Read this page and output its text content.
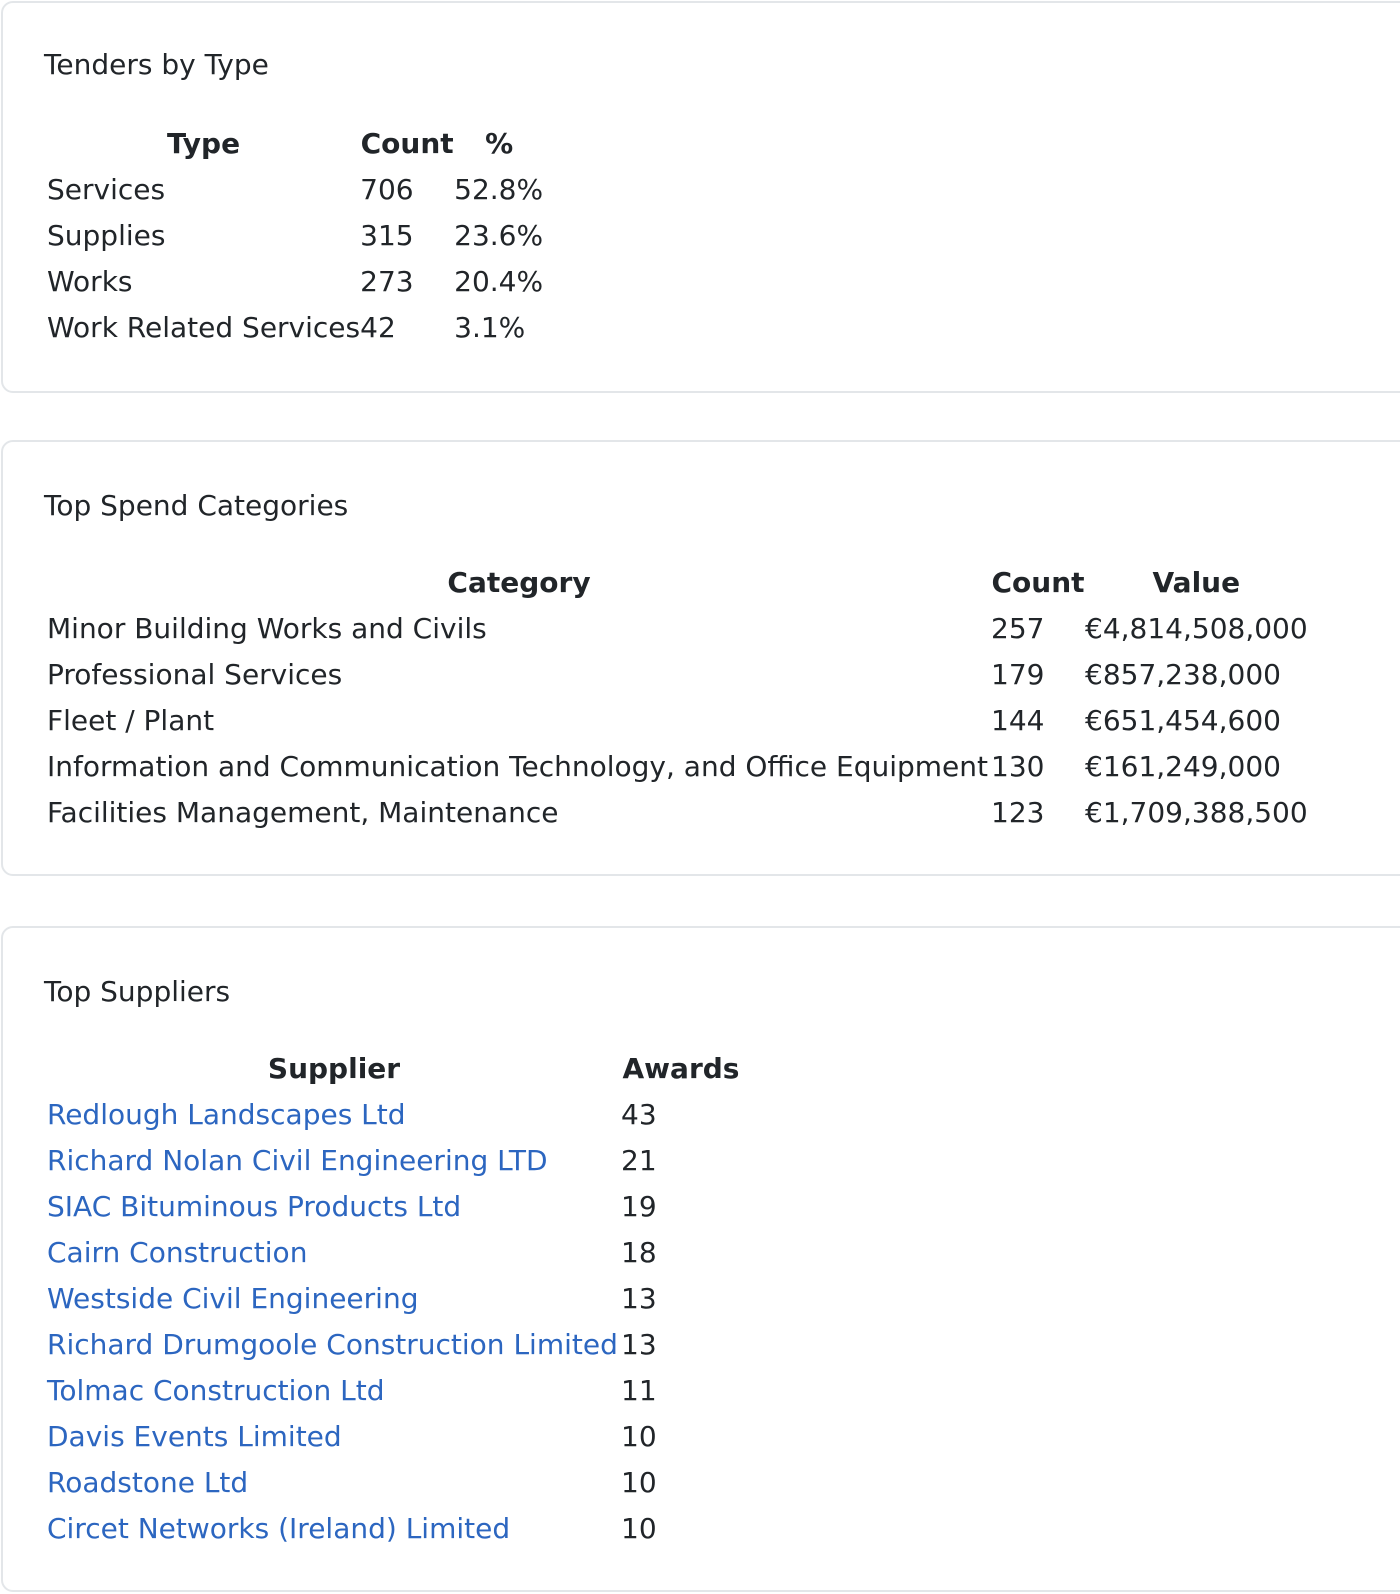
Tenders by Type
Type	Count	%
Services	706	52.8%
Supplies	315	23.6%
Works	273	20.4%
Work Related Services	42	3.1%
Top Spend Categories
Category	Count	Value
Minor Building Works and Civils	257	€4,814,508,000
Professional Services	179	€857,238,000
Fleet / Plant	144	€651,454,600
Information and Communication Technology, and Office Equipment	130	€161,249,000
Facilities Management, Maintenance	123	€1,709,388,500
Top Suppliers
Supplier	Awards
Redlough Landscapes Ltd	43
Richard Nolan Civil Engineering LTD	21
SIAC Bituminous Products Ltd	19
Cairn Construction	18
Westside Civil Engineering	13
Richard Drumgoole Construction Limited	13
Tolmac Construction Ltd	11
Davis Events Limited	10
Roadstone Ltd	10
Circet Networks (Ireland) Limited	10
